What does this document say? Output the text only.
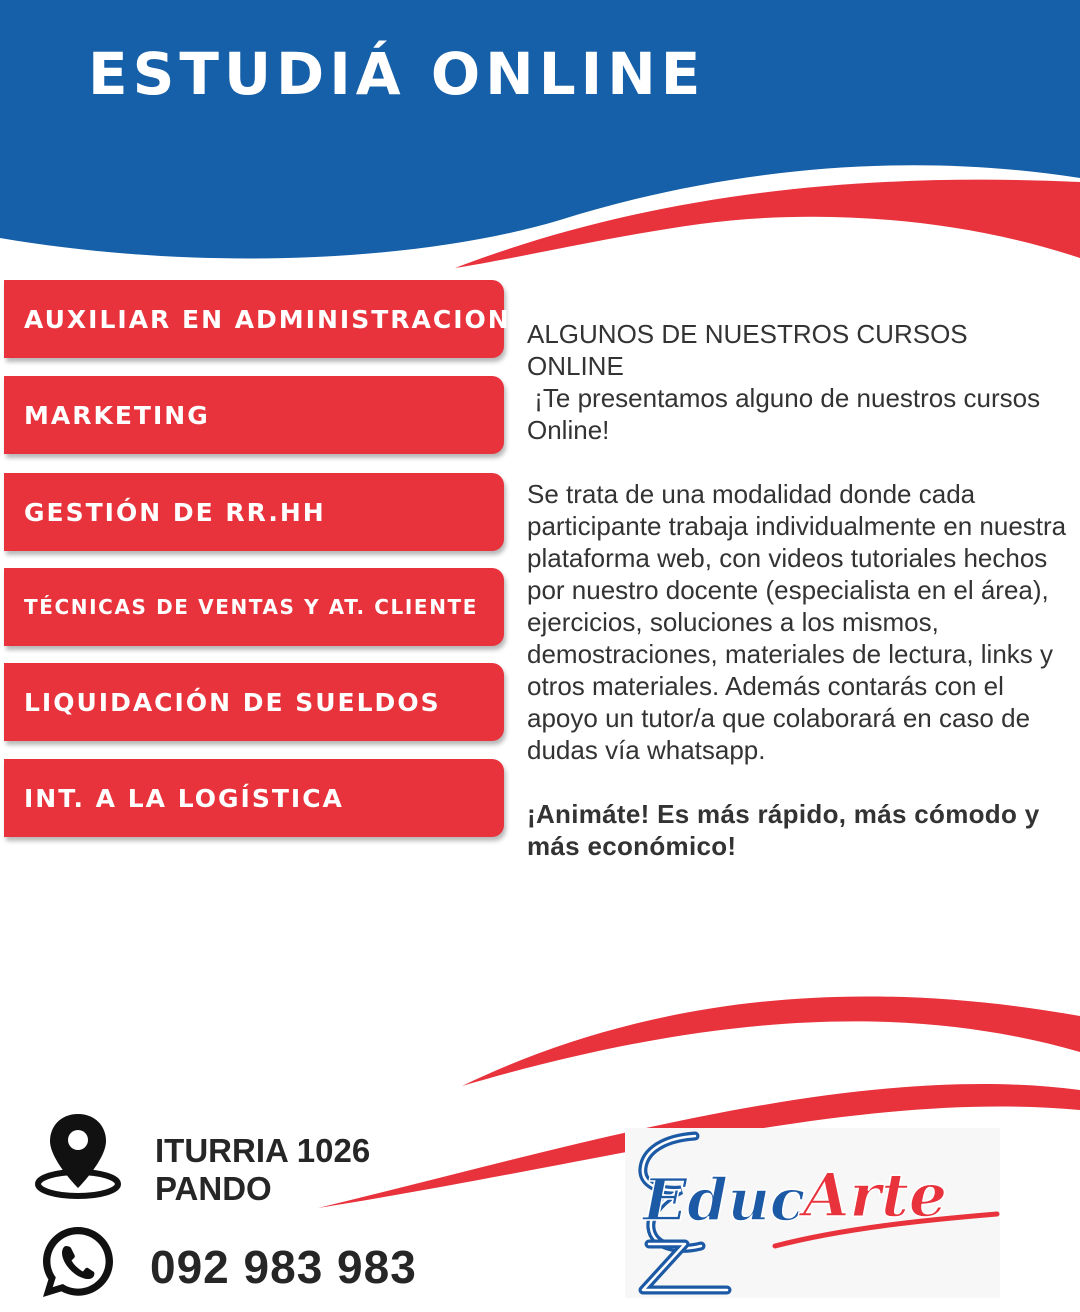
ESTUDIÁ ONLINE
AUXILIAR EN ADMINISTRACION
MARKETING
GESTIÓN DE RR.HH
TÉCNICAS DE VENTAS Y AT. CLIENTE
LIQUIDACIÓN DE SUELDOS
INT. A LA LOGÍSTICA

ALGUNOS DE NUESTROS CURSOS
ONLINE

¡Te presentamos alguno de nuestros cursos Online!

Se trata de una modalidad donde cada participante trabaja individualmente en nuestra plataforma web, con videos tutoriales hechos por nuestro docente (especialista en el área), ejercicios, soluciones a los mismos, demostraciones, materiales de lectura, links y otros materiales. Además contarás con el apoyo un tutor/a que colaborará en caso de dudas vía whatsapp.

¡Animáte! Es más rápido, más cómodo y más económico!

ITURRIA 1026
PANDO
092 983 983
Educ
Arte
